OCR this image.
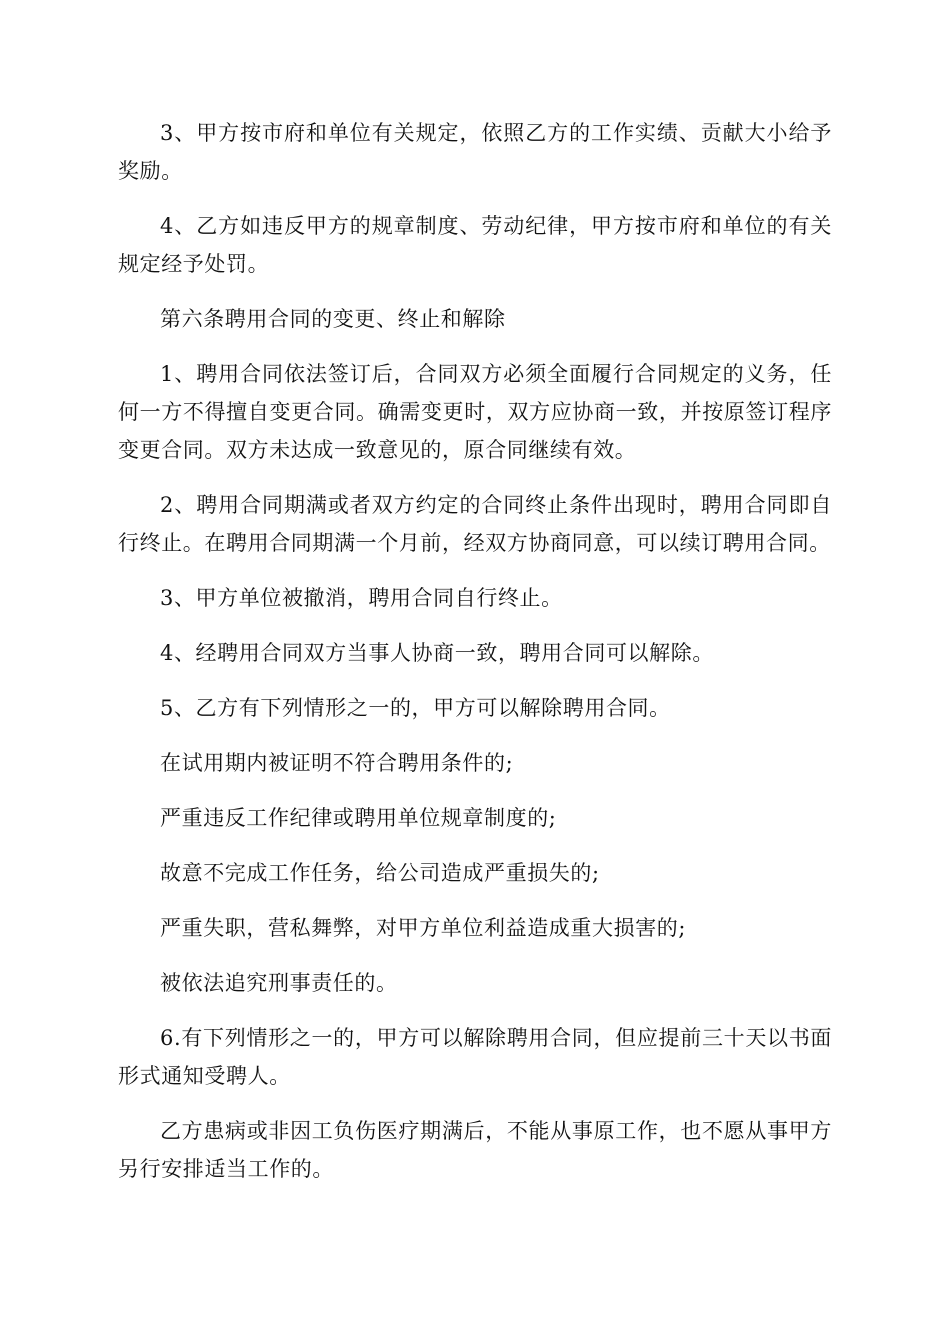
3、甲方按市府和单位有关规定，依照乙方的工作实绩、贡献大小给予奖励。

4、乙方如违反甲方的规章制度、劳动纪律，甲方按市府和单位的有关规定经予处罚。

第六条聘用合同的变更、终止和解除

1、聘用合同依法签订后，合同双方必须全面履行合同规定的义务，任何一方不得擅自变更合同。确需变更时，双方应协商一致，并按原签订程序变更合同。双方未达成一致意见的，原合同继续有效。

2、聘用合同期满或者双方约定的合同终止条件出现时，聘用合同即自行终止。在聘用合同期满一个月前，经双方协商同意，可以续订聘用合同。

3、甲方单位被撤消，聘用合同自行终止。

4、经聘用合同双方当事人协商一致，聘用合同可以解除。

5、乙方有下列情形之一的，甲方可以解除聘用合同。

在试用期内被证明不符合聘用条件的;

严重违反工作纪律或聘用单位规章制度的;

故意不完成工作任务，给公司造成严重损失的;

严重失职，营私舞弊，对甲方单位利益造成重大损害的;

被依法追究刑事责任的。

6.有下列情形之一的，甲方可以解除聘用合同，但应提前三十天以书面形式通知受聘人。

乙方患病或非因工负伤医疗期满后，不能从事原工作，也不愿从事甲方另行安排适当工作的。
